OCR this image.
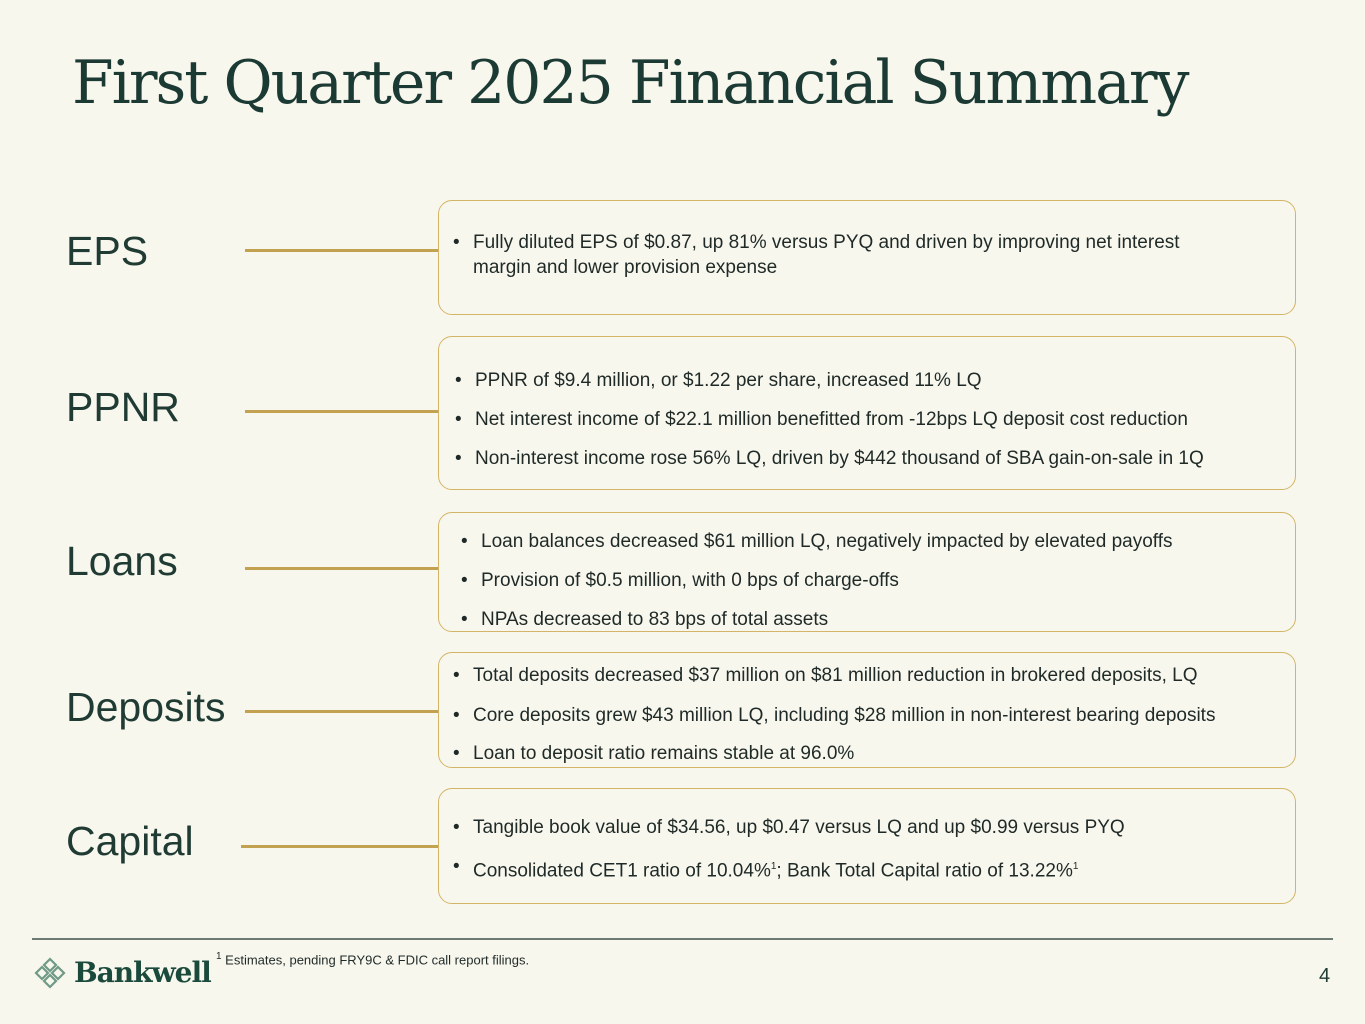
First Quarter 2025 Financial Summary
EPS	• Fully diluted EPS of $0.87, up 81% versus PYQ and driven by improving net interest margin and lower provision expense
PPNR
• PPNR of $9.4 million, or $1.22 per share, increased 11% LQ
• Net interest income of $22.1 million benefitted from -12bps LQ deposit cost reduction
• Non-interest income rose 56% LQ, driven by $442 thousand of SBA gain-on-sale in 1Q
Loans	• Loan balances decreased $61 million LQ, negatively impacted by elevated payoffs
• Provision of $0.5 million, with 0 bps of charge-offs
• NPAs decreased to 83 bps of total assets
Deposits
• Total deposits decreased $37 million on $81 million reduction in brokered deposits, LQ
• Core deposits grew $43 million LQ, including $28 million in non-interest bearing deposits
• Loan to deposit ratio remains stable at 96.0%
Capital	• Tangible book value of $34.56, up $0.47 versus LQ and up $0.99 versus PYQ
• Consolidated CET1 ratio of 10.04%$^1$; Bank Total Capital ratio of 13.22%$^1$
Bankwell $^1$ Estimates, pending FRY9C & FDIC call report filings.
4
